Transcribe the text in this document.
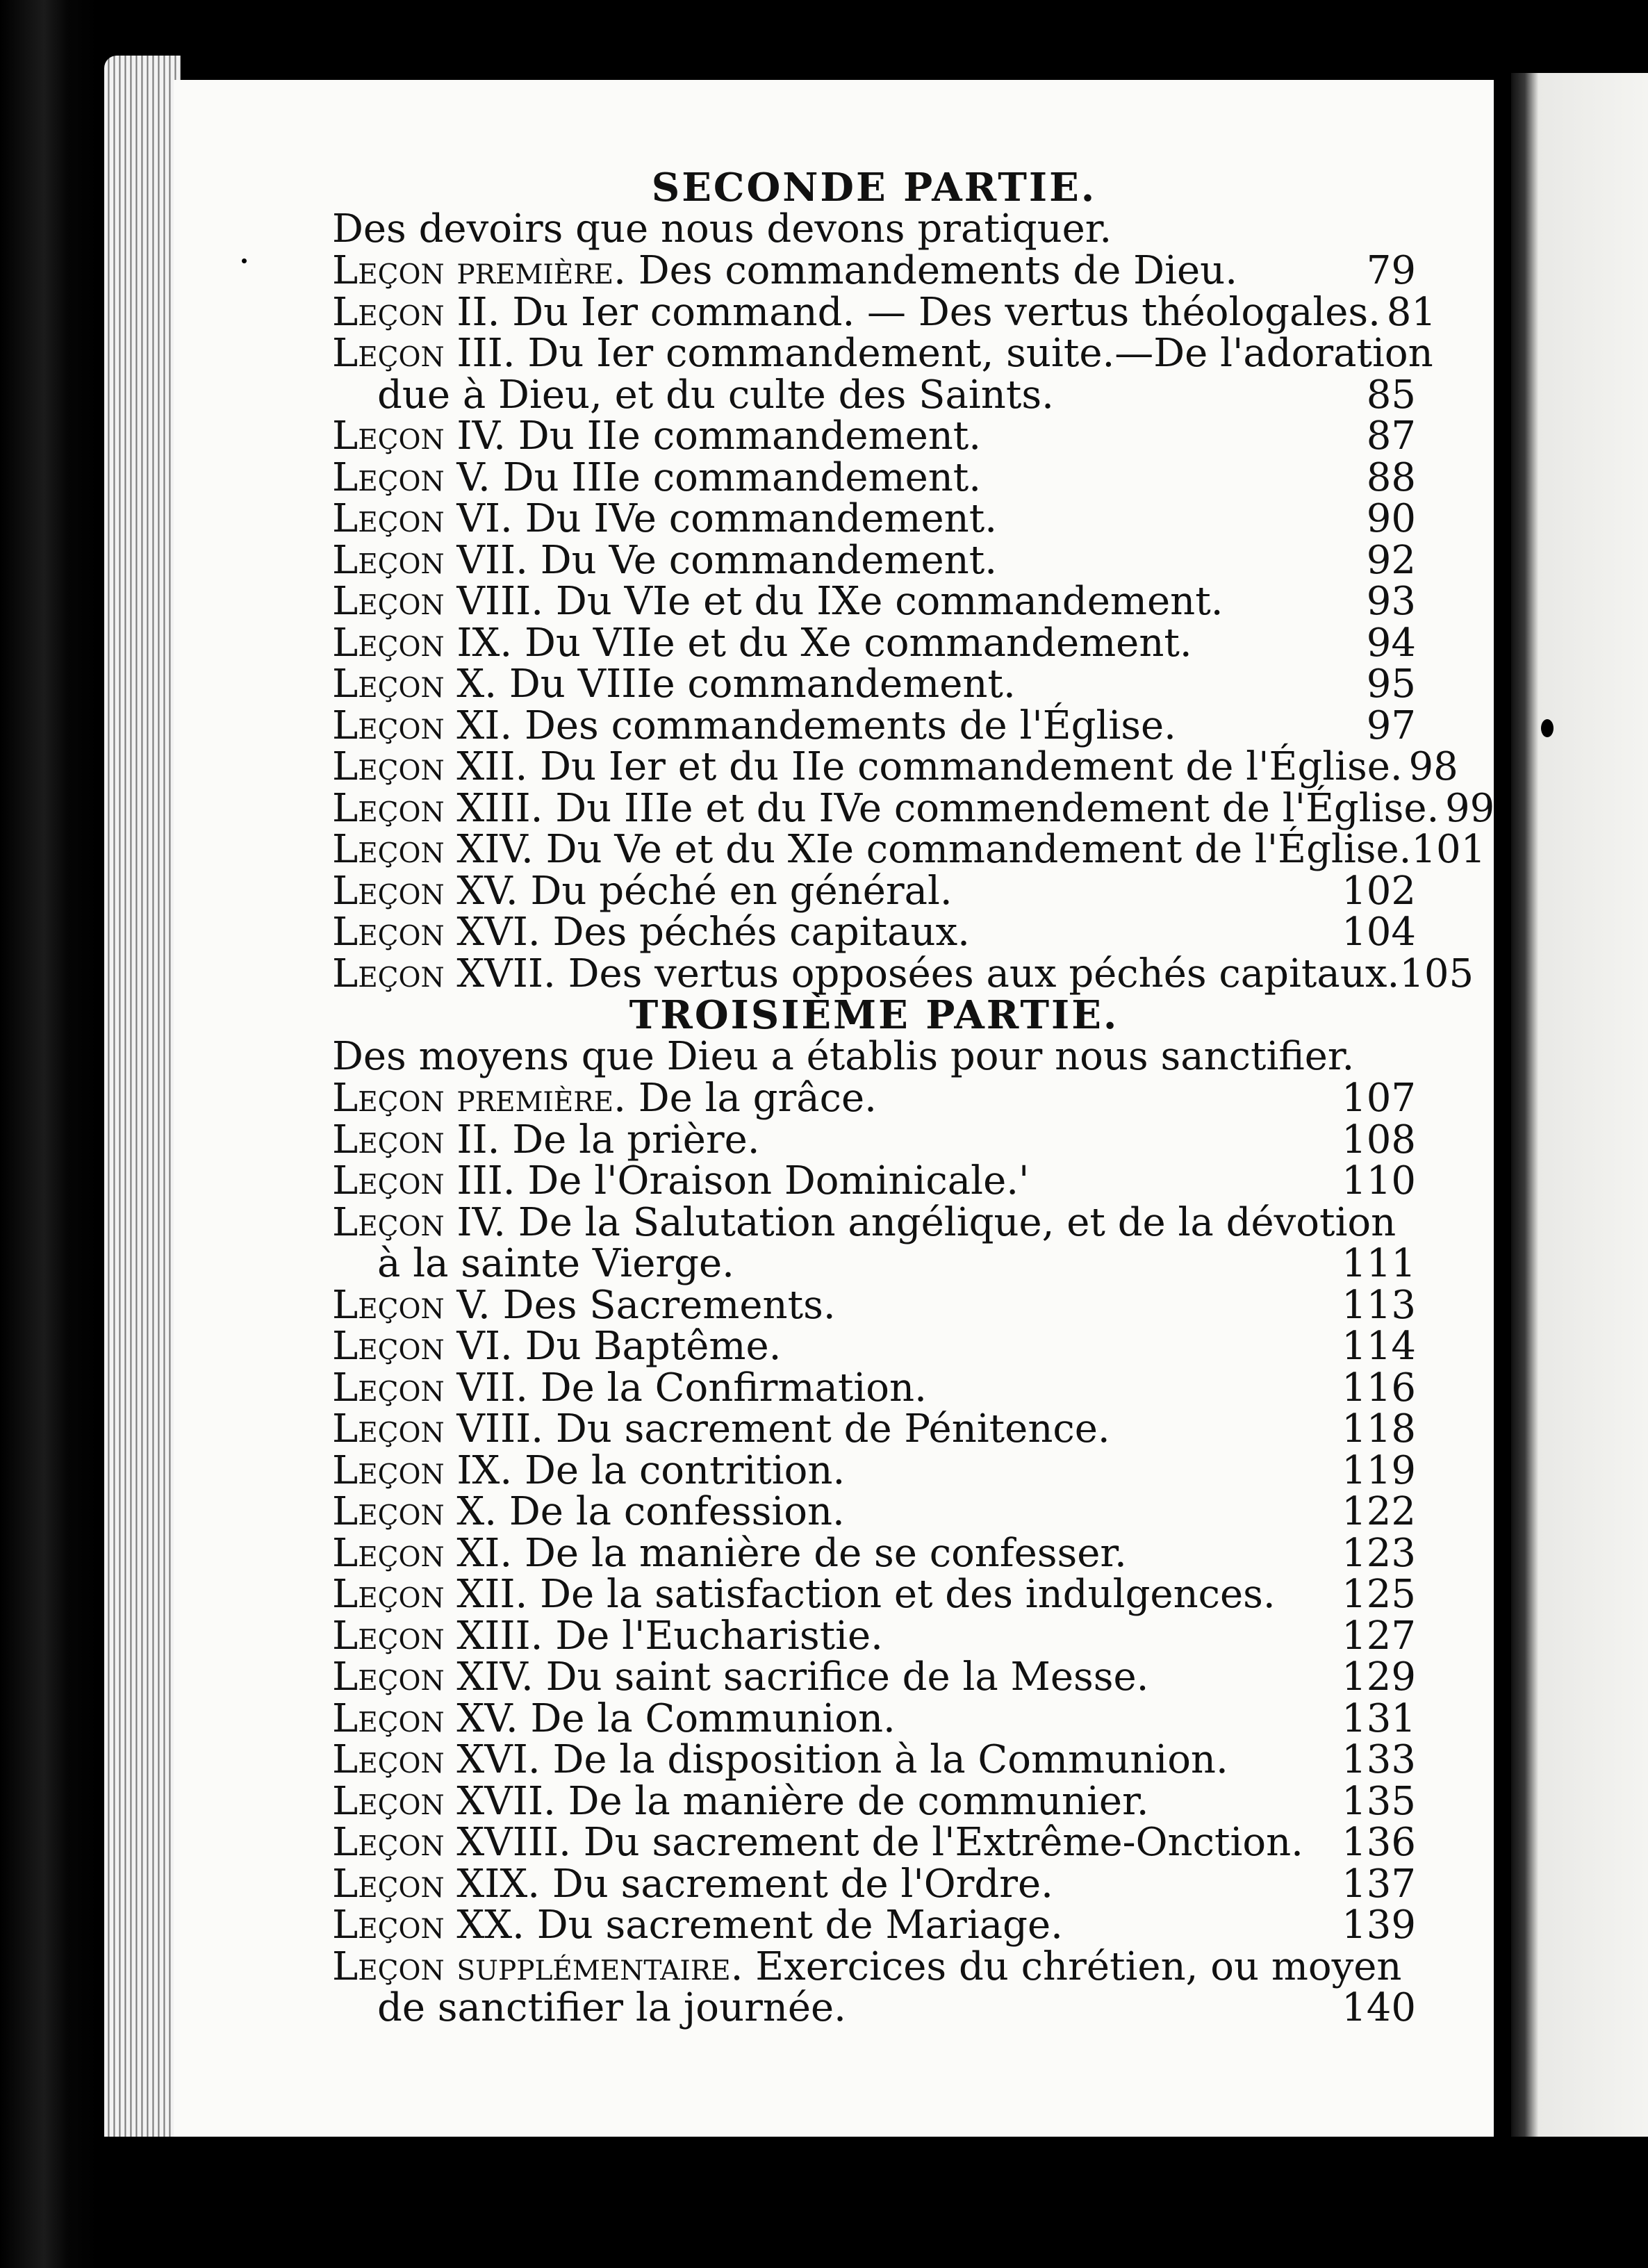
SECONDE PARTIE.
Des devoirs que nous devons pratiquer.
Leçon première. Des commandements de Dieu.	79
Leçon II. Du Ier command. — Des vertus théologales. 81
Leçon III. Du Ier commandement, suite.—De l'adoration
due à Dieu, et du culte des Saints.	85
Leçon IV. Du IIe commandement.	87
Leçon V. Du IIIe commandement.	88
Leçon VI. Du IVe commandement.	90
Leçon VII. Du Ve commandement.	92
Leçon VIII. Du VIe et du IXe commandement.	93
Leçon IX. Du VIIe et du Xe commandement.	94
Leçon X. Du VIIIe commandement.	95
Leçon XI. Des commandements de l'Église.	97
Leçon XII. Du Ier et du IIe commandement de l'Église. 98
Leçon XIII. Du IIIe et du IVe commendement de l'Église. 99
Leçon XIV. Du Ve et du XIe commandement de l'Église. 101
Leçon XV. Du péché en général.	102
Leçon XVI. Des péchés capitaux.	104
Leçon XVII. Des vertus opposées aux péchés capitaux. 105
TROISIÈME PARTIE.
Des moyens que Dieu a établis pour nous sanctifier.
Leçon première. De la grâce.	107
Leçon II. De la prière.	108
Leçon III. De l'Oraison Dominicale.'	110
Leçon IV. De la Salutation angélique, et de la dévotion
à la sainte Vierge.	111
Leçon V. Des Sacrements.	113
Leçon VI. Du Baptême.	114
Leçon VII. De la Confirmation.	116
Leçon VIII. Du sacrement de Pénitence.	118
Leçon IX. De la contrition.	119
Leçon X. De la confession.	122
Leçon XI. De la manière de se confesser.	123
Leçon XII. De la satisfaction et des indulgences. 125
Leçon XIII. De l'Eucharistie.	127
Leçon XIV. Du saint sacrifice de la Messe.	129
Leçon XV. De la Communion.	131
Leçon XVI. De la disposition à la Communion.	133
Leçon XVII. De la manière de communier.	135
Leçon XVIII. Du sacrement de l'Extrême-Onction. 136
Leçon XIX. Du sacrement de l'Ordre.	137
Leçon XX. Du sacrement de Mariage.	139
Leçon supplémentaire. Exercices du chrétien, ou moyen
de sanctifier la journée.	140
